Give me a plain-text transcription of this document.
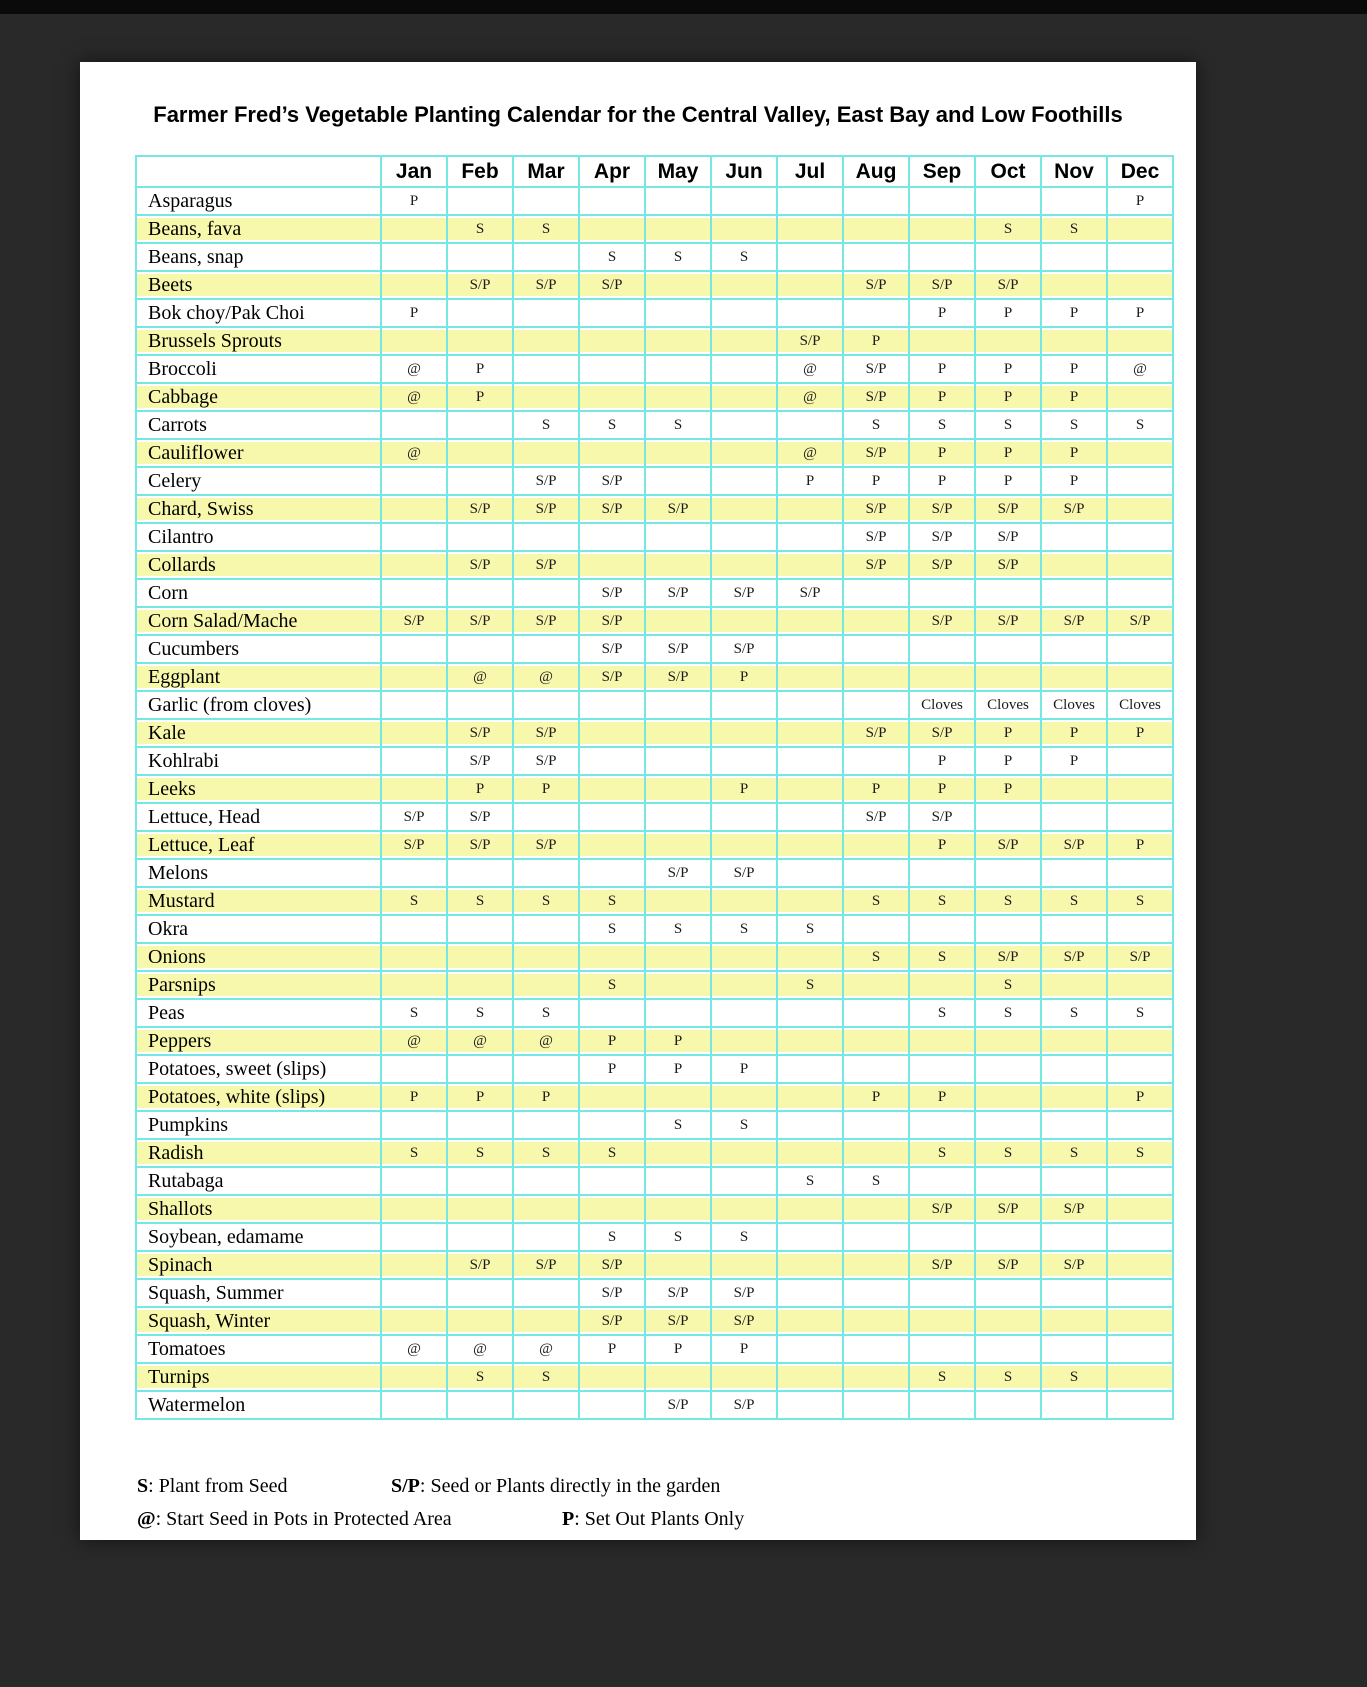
Farmer Fred’s Vegetable Planting Calendar for the Central Valley, East Bay and Low Foothills
	Jan	Feb	Mar	Apr	May	Jun	Jul	Aug	Sep	Oct	Nov	Dec
Asparagus	P											P
Beans, fava		S	S							S	S	
Beans, snap				S	S	S						
Beets		S/P	S/P	S/P				S/P	S/P	S/P		
Bok choy/Pak Choi	P								P	P	P	P
Brussels Sprouts							S/P	P				
Broccoli	@	P					@	S/P	P	P	P	@
Cabbage	@	P					@	S/P	P	P	P	
Carrots			S	S	S			S	S	S	S	S
Cauliflower	@						@	S/P	P	P	P	
Celery			S/P	S/P			P	P	P	P	P	
Chard, Swiss		S/P	S/P	S/P	S/P			S/P	S/P	S/P	S/P	
Cilantro								S/P	S/P	S/P		
Collards		S/P	S/P					S/P	S/P	S/P		
Corn				S/P	S/P	S/P	S/P					
Corn Salad/Mache	S/P	S/P	S/P	S/P					S/P	S/P	S/P	S/P
Cucumbers				S/P	S/P	S/P						
Eggplant		@	@	S/P	S/P	P						
Garlic (from cloves)									Cloves	Cloves	Cloves	Cloves
Kale		S/P	S/P					S/P	S/P	P	P	P
Kohlrabi		S/P	S/P						P	P	P	
Leeks		P	P			P		P	P	P		
Lettuce, Head	S/P	S/P						S/P	S/P			
Lettuce, Leaf	S/P	S/P	S/P						P	S/P	S/P	P
Melons					S/P	S/P						
Mustard	S	S	S	S				S	S	S	S	S
Okra				S	S	S	S					
Onions								S	S	S/P	S/P	S/P
Parsnips				S			S			S		
Peas	S	S	S						S	S	S	S
Peppers	@	@	@	P	P							
Potatoes, sweet (slips)				P	P	P						
Potatoes, white (slips)	P	P	P					P	P			P
Pumpkins					S	S						
Radish	S	S	S	S					S	S	S	S
Rutabaga							S	S				
Shallots									S/P	S/P	S/P	
Soybean, edamame				S	S	S						
Spinach		S/P	S/P	S/P					S/P	S/P	S/P	
Squash, Summer				S/P	S/P	S/P						
Squash, Winter				S/P	S/P	S/P						
Tomatoes	@	@	@	P	P	P						
Turnips		S	S						S	S	S	
Watermelon					S/P	S/P						
S: Plant from Seed	S/P: Seed or Plants directly in the garden
@: Start Seed in Pots in Protected Area	P: Set Out Plants Only
